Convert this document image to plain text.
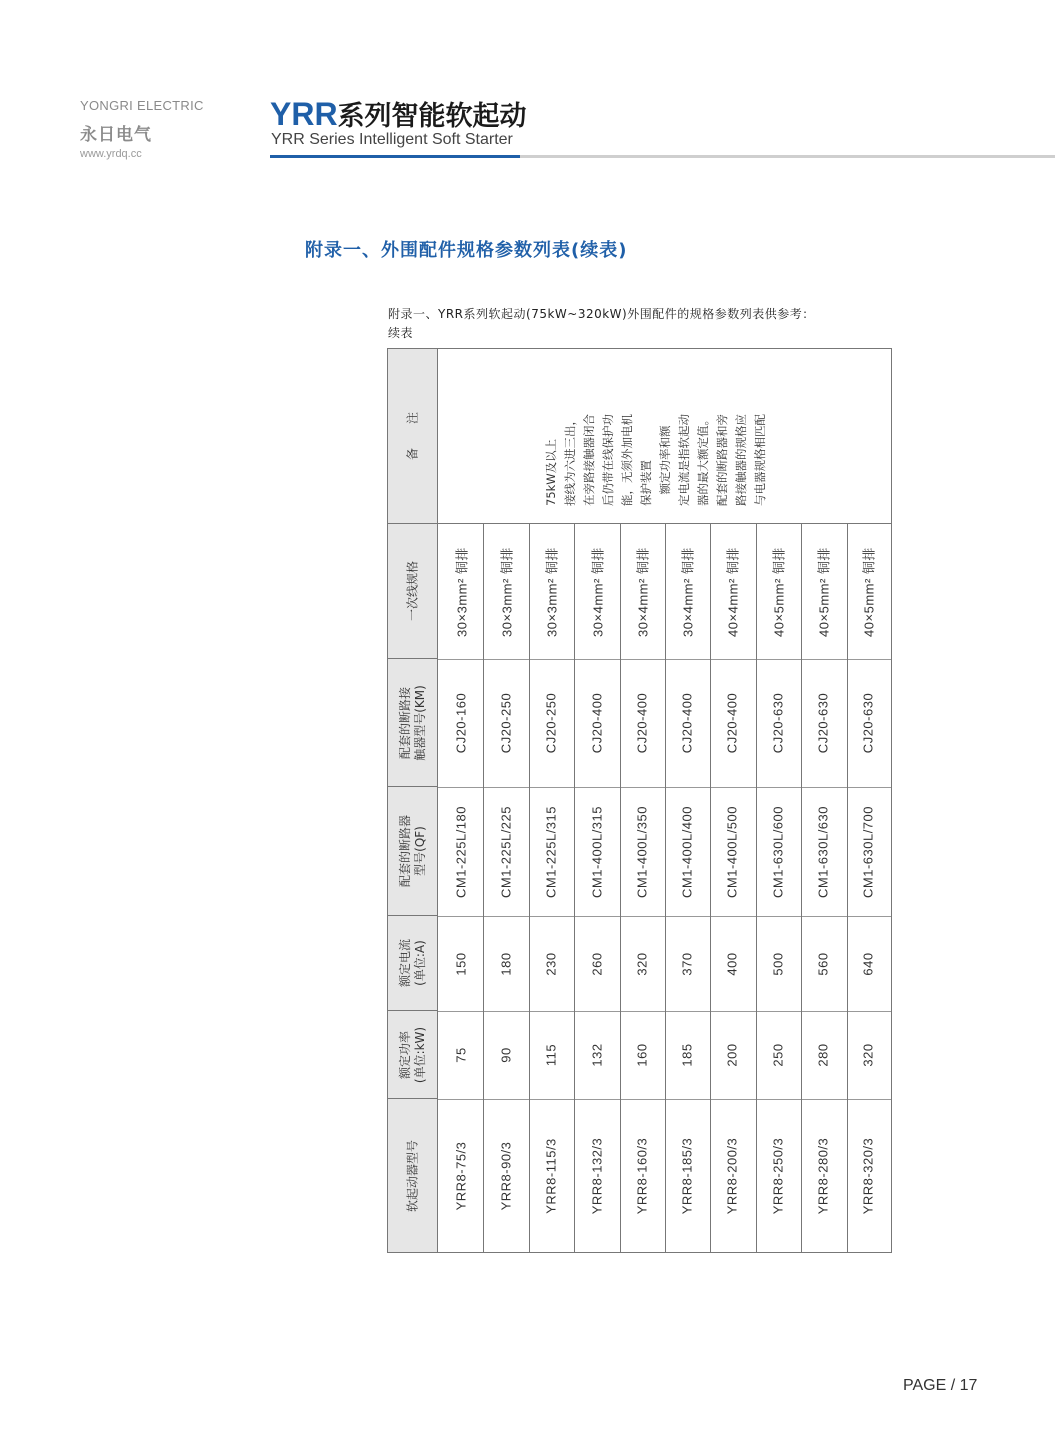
YONGRI ELECTRIC
永日电气
www.yrdq.cc
YRR系列智能软起动
YRR Series Intelligent Soft Starter
附录一、外围配件规格参数列表(续表)
附录一、YRR系列软起动(75kW~320kW)外围配件的规格参数列表供参考：
续表
备　　注
一次线规格
配套的断路接 触器型号(KM)
配套的断路器 型号(QF)
额定电流 (单位:A)
额定功率 (单位:kW)
软起动器型号
75kW及以上 接线为六进三出， 在旁路接触器闭合 后仍带在线保护功 能，无须外加电机 保护装置 　额定功率和额 定电流是指软起动 器的最大额定值。 配套的断路器和旁 路接触器的规格应 与电器规格相匹配
30×3mm² 铜排
CJ20-160
CM1-225L/180
150
75
YRR8-75/3
30×3mm² 铜排
CJ20-250
CM1-225L/225
180
90
YRR8-90/3
30×3mm² 铜排
CJ20-250
CM1-225L/315
230
115
YRR8-115/3
30×4mm² 铜排
CJ20-400
CM1-400L/315
260
132
YRR8-132/3
30×4mm² 铜排
CJ20-400
CM1-400L/350
320
160
YRR8-160/3
30×4mm² 铜排
CJ20-400
CM1-400L/400
370
185
YRR8-185/3
40×4mm² 铜排
CJ20-400
CM1-400L/500
400
200
YRR8-200/3
40×5mm² 铜排
CJ20-630
CM1-630L/600
500
250
YRR8-250/3
40×5mm² 铜排
CJ20-630
CM1-630L/630
560
280
YRR8-280/3
40×5mm² 铜排
CJ20-630
CM1-630L/700
640
320
YRR8-320/3
PAGE / 17
